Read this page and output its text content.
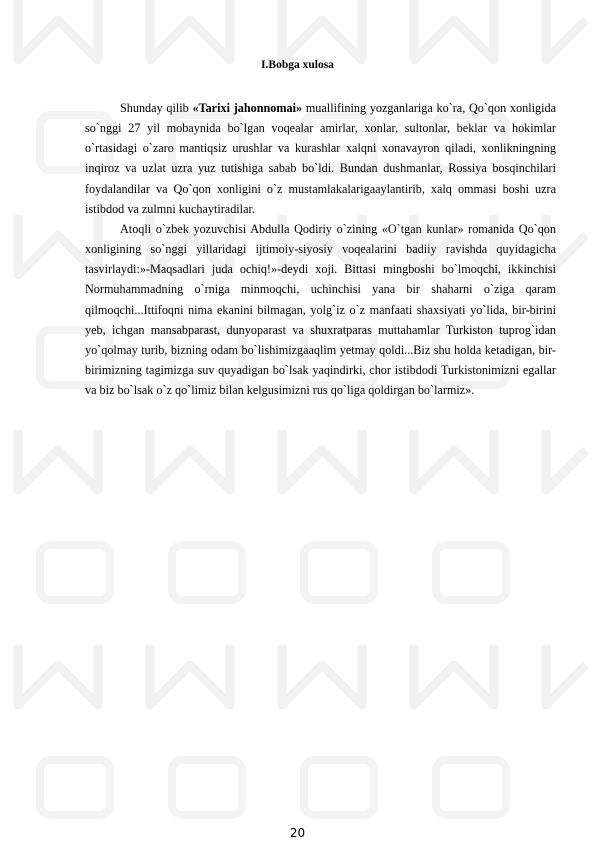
I.Bobga xulosa

Shunday qilib «Tarixi jahonnomai» muallifining yozganlariga ko`ra, Qo`qon xonligida so`nggi 27 yil mobaynida bo`lgan voqealar amirlar, xonlar, sultonlar, beklar va hokimlar o`rtasidagi o`zaro mantiqsiz urushlar va kurashlar xalqni xonavayron qiladi, xonlikningning inqiroz va uzlat uzra yuz tutishiga sabab bo`ldi. Bundan dushmanlar, Rossiya bosqinchilari foydalandilar va Qo`qon xonligini o`z mustamlakalarigaaylantirib, xalq ommasi boshi uzra istibdod va zulmni kuchaytiradilar.

Atoqli o`zbek yozuvchisi Abdulla Qodiriy o`zining «O`tgan kunlar» romanida Qo`qon xonligining so`nggi yillaridagi ijtimoiy-siyosiy voqealarini badiiy ravishda quyidagicha tasvirlaydi:»-Maqsadlari juda ochiq!»-deydi xoji. Bittasi mingboshi bo`lmoqchi, ikkinchisi Normuhammadning o`rniga minmoqchi, uchinchisi yana bir shaharni o`ziga qaram qilmoqchi...Ittifoqni nima ekanini bilmagan, yolg`iz o`z manfaati shaxsiyati yo`lida, bir-birini yeb, ichgan mansabparast, dunyoparast va shuxratparas muttahamlar Turkiston tuprog`idan yo`qolmay turib, bizning odam bo`lishimizgaaqlim yetmay qoldi...Biz shu holda ketadigan, bir-birimizning tagimizga suv quyadigan bo`lsak yaqindirki, chor istibdodi Turkistonimizni egallar va biz bo`lsak o`z qo`limiz bilan kelgusimizni rus qo`liga qoldirgan bo`larmiz».

20
